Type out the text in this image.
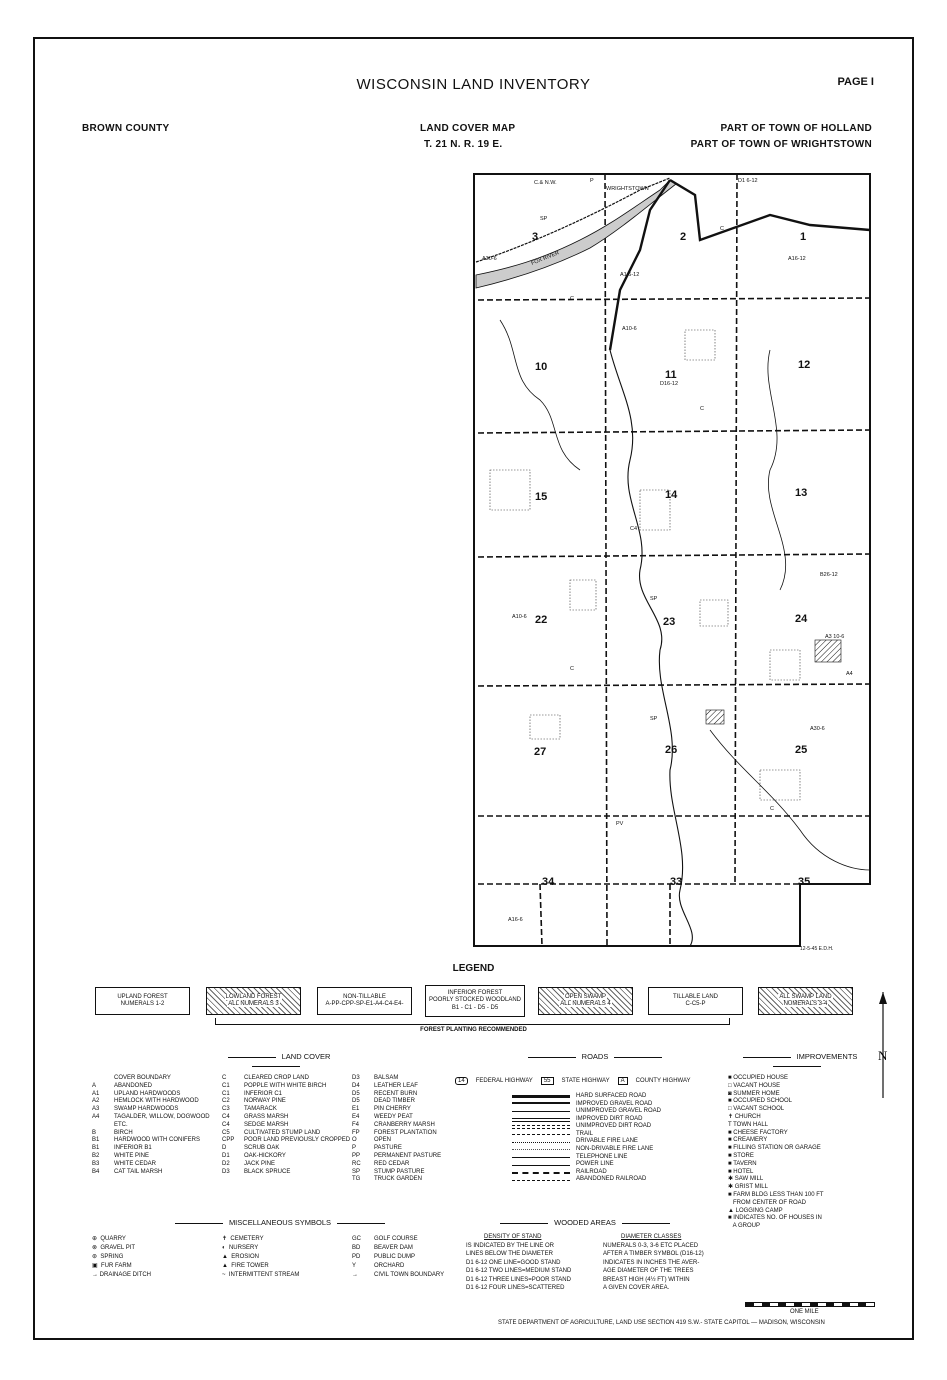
WISCONSIN LAND INVENTORY	PAGE I
BROWN COUNTY	LAND COVER MAP
T. 21 N. R. 19 E.
PART OF TOWN OF HOLLAND
PART OF TOWN OF WRIGHTSTOWN
1
2
3
10
11
12
13
14
15
22	23	24
25
26
27
33
34	35
C.& N.W.
WRIGHTSTOWN
FOX RIVER
12-5-45 E.D.H.
C
SP
P
A30-6	A16-12
A1 6-12
A10-6
D16-12
D1 6-12
C4
A10-6
B26-12
A3 10-6
A4
A30-6
PV
A16-6
C
C
C
C
SP
SP
LEGEND
UPLAND FOREST
NUMERALS 1-2
LOWLAND FOREST
ALL NUMERALS 3
NON-TILLABLE
A-PP-CPP-SP-E1-A4-C4-E4-
INFERIOR FOREST
POORLY STOCKED WOODLAND
B1 - C1 - D5 - D5
OPEN SWAMP
ALL NUMERALS 4
TILLABLE LAND
C-C5-P
ALL SWAMP LAND
NUMERALS 3-4
FOREST PLANTING RECOMMENDED
N
LAND COVER
COVER BOUNDARY
A	ABANDONED
A1 UPLAND HARDWOODS
A2 HEMLOCK WITH HARDWOOD
A3 SWAMP HARDWOODS
A4 TAGALDER, WILLOW, DOGWOOD
ETC.
B	BIRCH
B1 HARDWOOD WITH CONIFERS
B1 INFERIOR B1
B2 WHITE PINE
B3 WHITE CEDAR
B4 CAT TAIL MARSH
C	CLEARED CROP LAND
C1 POPPLE WITH WHITE BIRCH
C1 INFERIOR C1
C2 NORWAY PINE
C3 TAMARACK
C4 GRASS MARSH
C4 SEDGE MARSH
C5 CULTIVATED STUMP LAND
CPP POOR LAND PREVIOUSLY CROPPED
D	SCRUB OAK
D1 OAK-HICKORY
D2 JACK PINE
D3 BLACK SPRUCE
D3 BALSAM
D4 LEATHER LEAF
D5 RECENT BURN
D5 DEAD TIMBER
E1 PIN CHERRY
E4 WEEDY PEAT
F4 CRANBERRY MARSH
FP FOREST PLANTATION
O	OPEN
P	PASTURE
PP PERMANENT PASTURE
RC RED CEDAR
SP STUMP PASTURE
TG TRUCK GARDEN
ROADS
14	FEDERAL HIGHWAY	55	STATE HIGHWAY	A	COUNTY HIGHWAY
HARD SURFACED ROAD
IMPROVED GRAVEL ROAD
UNIMPROVED GRAVEL ROAD
IMPROVED DIRT ROAD
UNIMPROVED DIRT ROAD
TRAIL
DRIVABLE FIRE LANE
NON-DRIVABLE FIRE LANE
TELEPHONE LINE
POWER LINE
RAILROAD
ABANDONED RAILROAD
IMPROVEMENTS
■ OCCUPIED HOUSE
□ VACANT HOUSE
◙ SUMMER HOME
■ OCCUPIED SCHOOL
□ VACANT SCHOOL
✝ CHURCH
T TOWN HALL
■ CHEESE FACTORY
■ CREAMERY
■ FILLING STATION OR GARAGE
■ STORE
■ TAVERN
■ HOTEL
✱ SAW MILL
✱ GRIST MILL
■ FARM BLDG LESS THAN 100 FT
FROM CENTER OF ROAD
▲ LOGGING CAMP
■ INDICATES NO. OF HOUSES IN
A GROUP
MISCELLANEOUS SYMBOLS
⊕  QUARRY
⊗  GRAVEL PIT
⊛  SPRING
▣  FUR FARM
→ DRAINAGE DITCH
✝  CEMETERY
◐  NURSERY
▲  EROSION
▲  FIRE TOWER
~  INTERMITTENT STREAM
GC GOLF COURSE
BD BEAVER DAM
PD PUBLIC DUMP
Y	ORCHARD
→	CIVIL TOWN BOUNDARY
WOODED AREAS
DENSITY OF STAND
IS INDICATED BY THE LINE OR
LINES BELOW THE DIAMETER
D1 6-12 ONE LINE=GOOD STAND
D1 6-12 TWO LINES=MEDIUM STAND
D1 6-12 THREE LINES=POOR STAND
D1 6-12 FOUR LINES=SCATTERED
DIAMETER CLASSES
NUMERALS 0-3, 3-6 ETC PLACED
AFTER A TIMBER SYMBOL (D16-12)
INDICATES IN INCHES THE AVER-
AGE DIAMETER OF THE TREES
BREAST HIGH (4½ FT) WITHIN
A GIVEN COVER AREA.
ONE MILE
STATE DEPARTMENT OF AGRICULTURE, LAND USE SECTION 419 S.W.- STATE CAPITOL — MADISON, WISCONSIN
